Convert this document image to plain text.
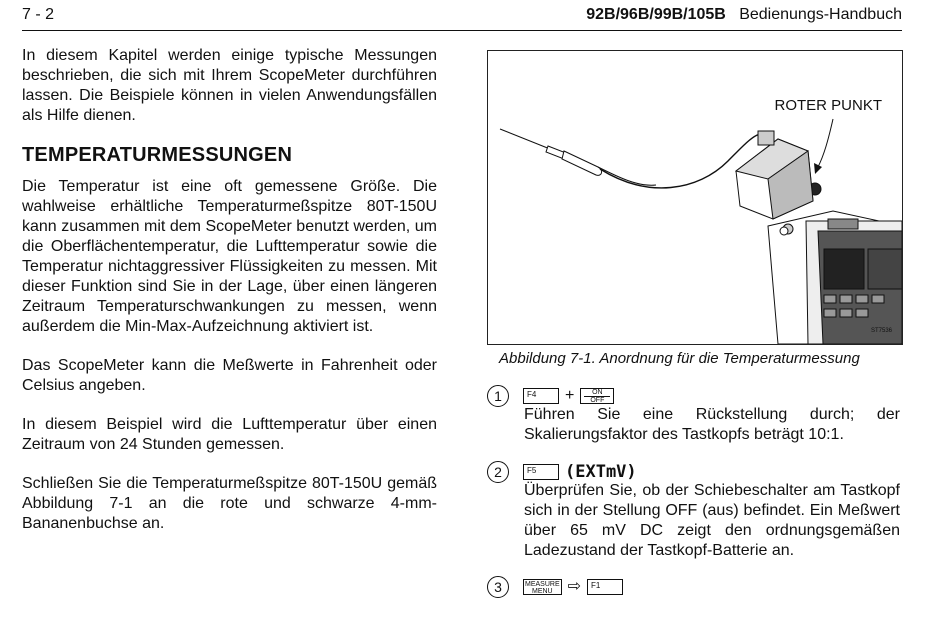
7 - 2	92B/96B/99B/105B Bedienungs-Handbuch

In diesem Kapitel werden einige typische Messungen beschrieben, die sich mit Ihrem ScopeMeter durchführen lassen. Die Beispiele können in vielen Anwendungsfällen als Hilfe dienen.

TEMPERATURMESSUNGEN

Die Temperatur ist eine oft gemessene Größe. Die wahlweise erhältliche Temperaturmeßspitze 80T-150U kann zusammen mit dem ScopeMeter benutzt werden, um die Oberflächentemperatur, die Lufttemperatur sowie die Temperatur nichtaggressiver Flüssigkeiten zu messen. Mit dieser Funktion sind Sie in der Lage, über einen längeren Zeitraum Temperaturschwankungen zu messen, wenn außerdem die Min-Max-Aufzeichnung aktiviert ist.

Das ScopeMeter kann die Meßwerte in Fahrenheit oder Celsius angeben.

In diesem Beispiel wird die Lufttemperatur über einen Zeitraum von 24 Stunden gemessen.

Schließen Sie die Temperaturmeßspitze 80T-150U gemäß Abbildung 7-1 an die rote und schwarze 4-mm-Bananenbuchse an.

ROTER PUNKT
ST7536
Abbildung 7-1. Anordnung für die Temperaturmessung
1	F4	+	ON
OFF
Führen Sie eine Rückstellung durch; der Skalierungsfaktor des Tastkopfs beträgt 10:1.
2	F5	(EXTmV)
Überprüfen Sie, ob der Schiebeschalter am Tastkopf sich in der Stellung OFF (aus) befindet. Ein Meßwert über 65 mV DC zeigt den ordnungsgemäßen Ladezustand der Tastkopf-Batterie an.
3	MEASURE
MENU ⇨	F1
